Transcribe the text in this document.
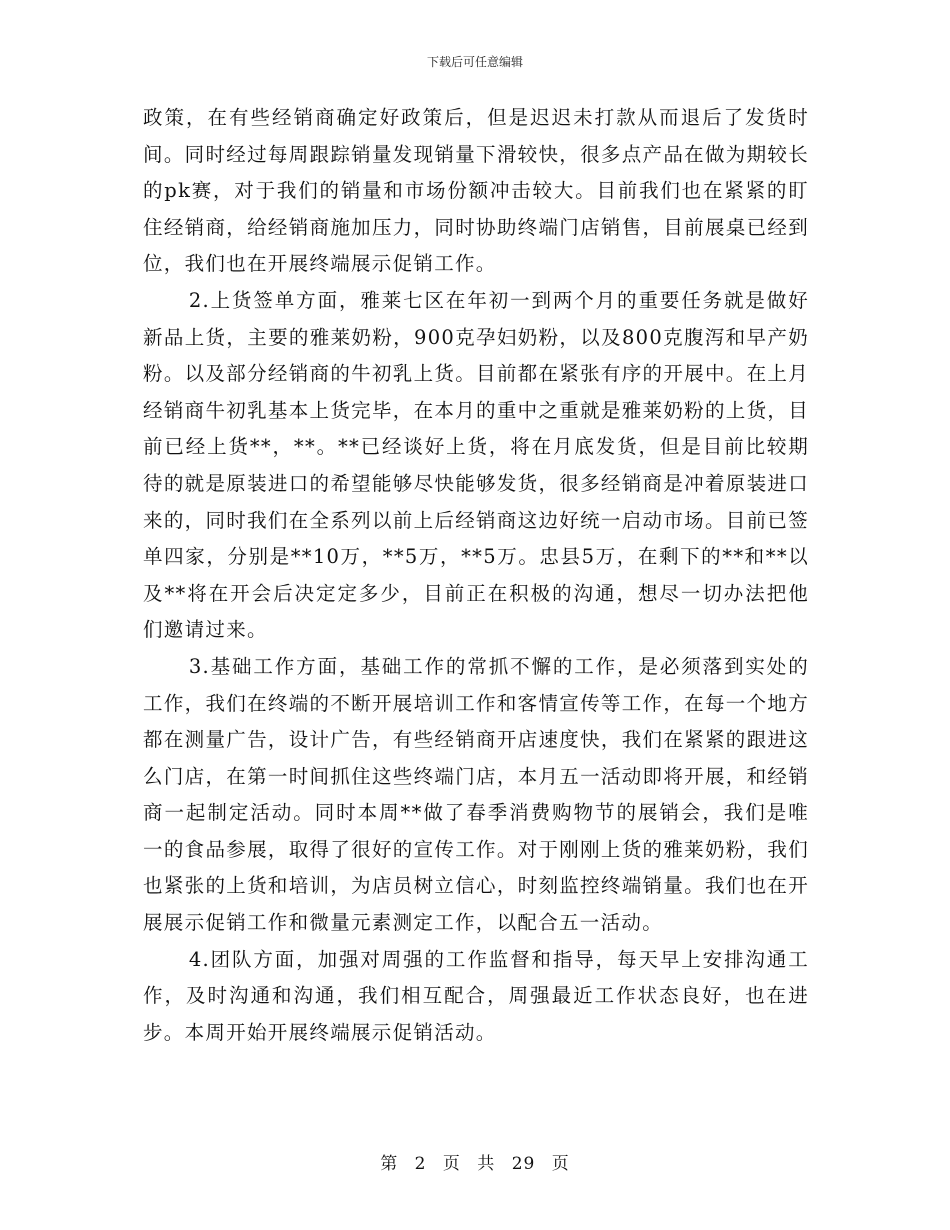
下载后可任意编辑

政策，在有些经销商确定好政策后，但是迟迟未打款从而退后了发货时间。同时经过每周跟踪销量发现销量下滑较快，很多点产品在做为期较长的pk赛，对于我们的销量和市场份额冲击较大。目前我们也在紧紧的盯住经销商，给经销商施加压力，同时协助终端门店销售，目前展桌已经到位，我们也在开展终端展示促销工作。

2.上货签单方面，雅莱七区在年初一到两个月的重要任务就是做好新品上货，主要的雅莱奶粉，900克孕妇奶粉，以及800克腹泻和早产奶粉。以及部分经销商的牛初乳上货。目前都在紧张有序的开展中。在上月经销商牛初乳基本上货完毕，在本月的重中之重就是雅莱奶粉的上货，目前已经上货**，**。**已经谈好上货，将在月底发货，但是目前比较期待的就是原装进口的希望能够尽快能够发货，很多经销商是冲着原装进口来的，同时我们在全系列以前上后经销商这边好统一启动市场。目前已签单四家，分别是**10万，**5万，**5万。忠县5万，在剩下的**和**以及**将在开会后决定定多少，目前正在积极的沟通，想尽一切办法把他们邀请过来。

3.基础工作方面，基础工作的常抓不懈的工作，是必须落到实处的工作，我们在终端的不断开展培训工作和客情宣传等工作，在每一个地方都在测量广告，设计广告，有些经销商开店速度快，我们在紧紧的跟进这么门店，在第一时间抓住这些终端门店，本月五一活动即将开展，和经销商一起制定活动。同时本周**做了春季消费购物节的展销会，我们是唯一的食品参展，取得了很好的宣传工作。对于刚刚上货的雅莱奶粉，我们也紧张的上货和培训，为店员树立信心，时刻监控终端销量。我们也在开展展示促销工作和微量元素测定工作，以配合五一活动。

4.团队方面，加强对周强的工作监督和指导，每天早上安排沟通工作，及时沟通和沟通，我们相互配合，周强最近工作状态良好，也在进步。本周开始开展终端展示促销活动。

第 2 页 共 29 页
